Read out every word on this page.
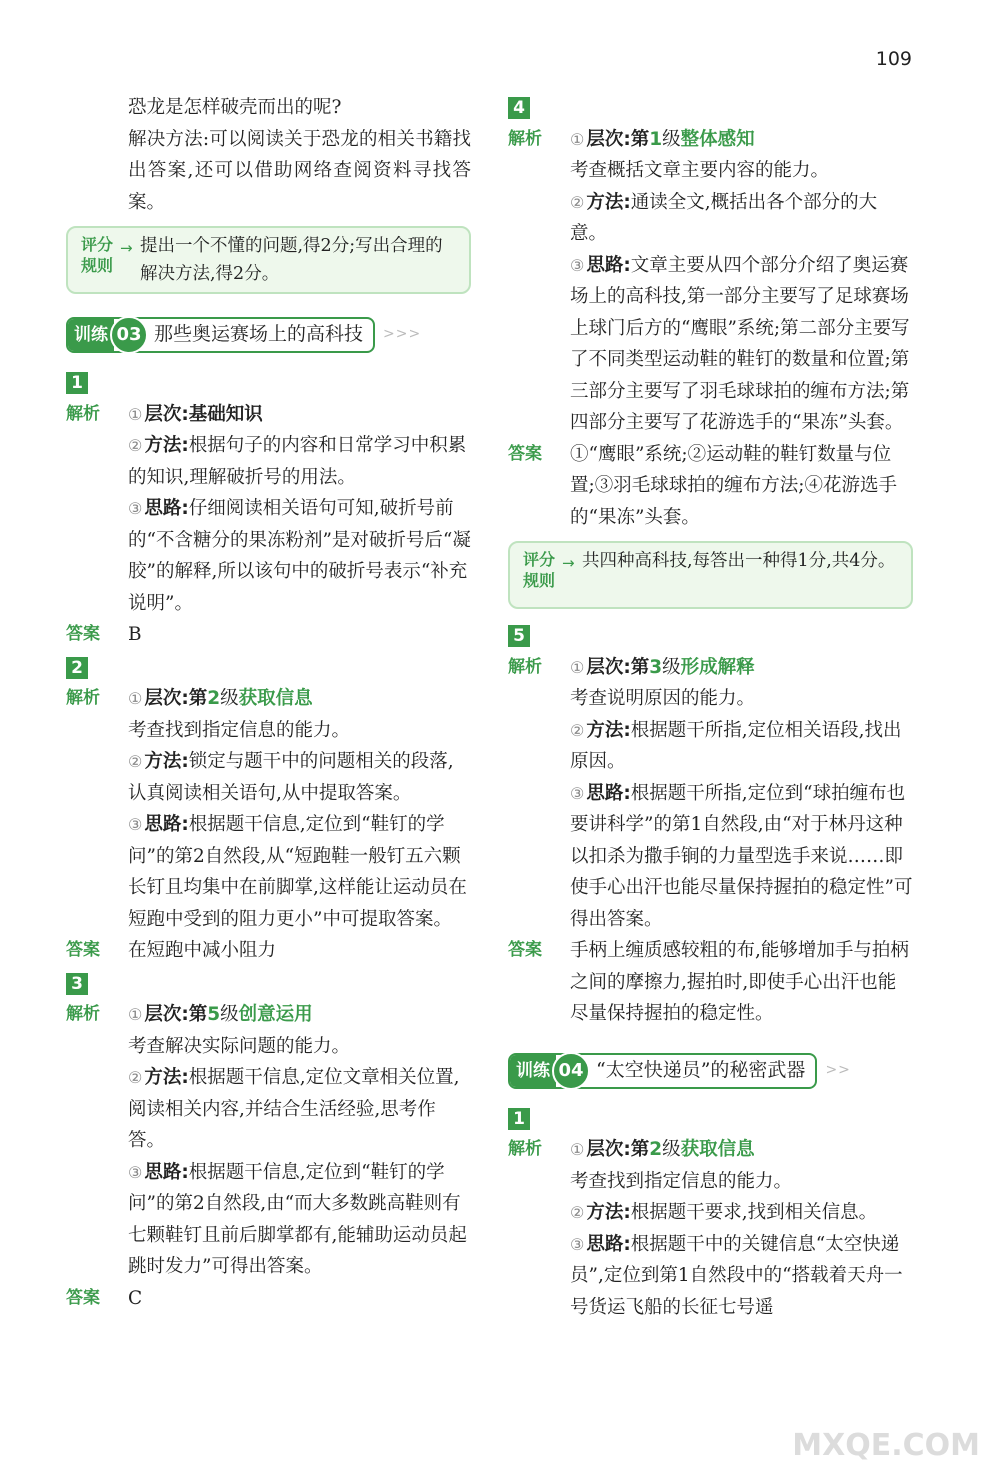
109

恐龙是怎样破壳而出的呢?

解决方法:可以阅读关于恐龙的相关书籍找出答案,还可以借助网络查阅资料寻找答案。

评分规则
→ 提出一个不懂的问题,得2分;写出合理的解决方法,得2分。
训练 03 那些奥运赛场上的高科技 >>>
1
解析	① 层次:基础知识

② 方法:根据句子的内容和日常学习中积累的知识,理解破折号的用法。

③ 思路:仔细阅读相关语句可知,破折号前的“不含糖分的果冻粉剂”是对破折号后“凝胶”的解释,所以该句中的破折号表示“补充说明”。

答案	B

2
解析	① 层次:第2级获取信息

考查找到指定信息的能力。

② 方法:锁定与题干中的问题相关的段落,认真阅读相关语句,从中提取答案。

③ 思路:根据题干信息,定位到“鞋钉的学问”的第2自然段,从“短跑鞋一般钉五六颗长钉且均集中在前脚掌,这样能让运动员在短跑中受到的阻力更小”中可提取答案。

答案	在短跑中减小阻力

3
解析	① 层次:第5级创意运用

考查解决实际问题的能力。

② 方法:根据题干信息,定位文章相关位置,阅读相关内容,并结合生活经验,思考作答。

③ 思路:根据题干信息,定位到“鞋钉的学问”的第2自然段,由“而大多数跳高鞋则有七颗鞋钉且前后脚掌都有,能辅助运动员起跳时发力”可得出答案。

答案	C

4
解析	① 层次:第1级整体感知

考查概括文章主要内容的能力。

② 方法:通读全文,概括出各个部分的大意。

③ 思路:文章主要从四个部分介绍了奥运赛场上的高科技,第一部分主要写了足球赛场上球门后方的“鹰眼”系统;第二部分主要写了不同类型运动鞋的鞋钉的数量和位置;第三部分主要写了羽毛球球拍的缠布方法;第四部分主要写了花游选手的“果冻”头套。

答案	①“鹰眼”系统;②运动鞋的鞋钉数量与位置;③羽毛球球拍的缠布方法;④花游选手的“果冻”头套。

评分规则
→ 共四种高科技,每答出一种得1分,共4分。
5
解析	① 层次:第3级形成解释

考查说明原因的能力。

② 方法:根据题干所指,定位相关语段,找出原因。

③ 思路:根据题干所指,定位到“球拍缠布也要讲科学”的第1自然段,由“对于林丹这种以扣杀为撒手锏的力量型选手来说……即使手心出汗也能尽量保持握拍的稳定性”可得出答案。

答案	手柄上缠质感较粗的布,能够增加手与拍柄之间的摩擦力,握拍时,即使手心出汗也能尽量保持握拍的稳定性。

训练 04 “太空快递员”的秘密武器 >>
1
解析	① 层次:第2级获取信息

考查找到指定信息的能力。

② 方法:根据题干要求,找到相关信息。

③ 思路:根据题干中的关键信息“太空快递员”,定位到第1自然段中的“搭载着天舟一号货运飞船的长征七号遥

MXQE.COM
